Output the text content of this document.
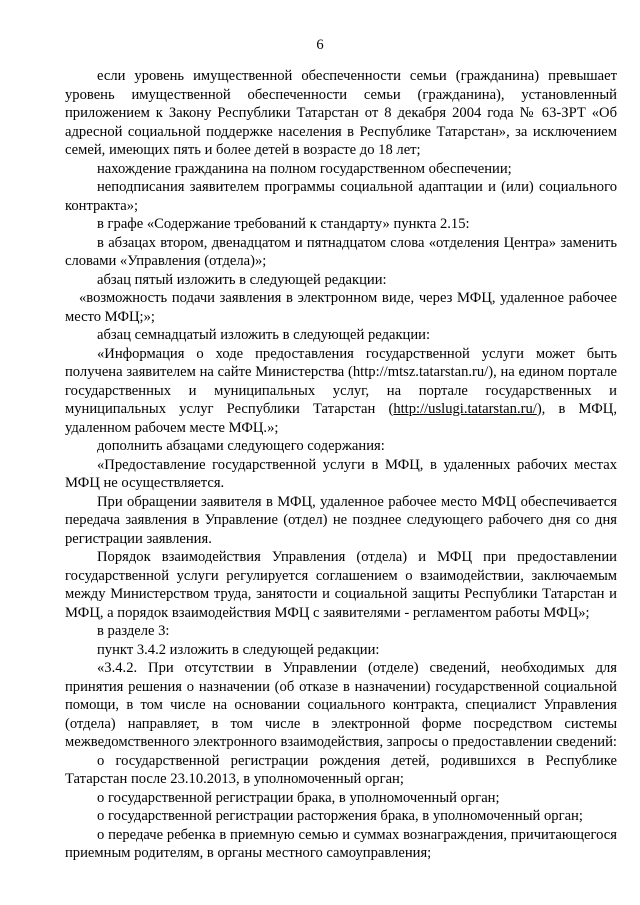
6

если уровень имущественной обеспеченности семьи (гражданина) превышает уровень имущественной обеспеченности семьи (гражданина), установленный приложением к Закону Республики Татарстан от 8 декабря 2004 года № 63-ЗРТ «Об адресной социальной поддержке населения в Республике Татарстан», за исключением семей, имеющих пять и более детей в возрасте до 18 лет;

нахождение гражданина на полном государственном обеспечении;

неподписания заявителем программы социальной адаптации и (или) социального контракта»;

в графе «Содержание требований к стандарту» пункта 2.15:

в абзацах втором, двенадцатом и пятнадцатом слова «отделения Центра» заменить словами «Управления (отдела)»;

абзац пятый изложить в следующей редакции:

«возможность подачи заявления в электронном виде, через МФЦ, удаленное рабочее место МФЦ;»;

абзац семнадцатый изложить в следующей редакции:

«Информация о ходе предоставления государственной услуги может быть получена заявителем на сайте Министерства (http://mtsz.tatarstan.ru/), на едином портале государственных и муниципальных услуг, на портале государственных и муниципальных услуг Республики Татарстан (http://uslugi.tatarstan.ru/), в МФЦ, удаленном рабочем месте МФЦ.»;

дополнить абзацами следующего содержания:

«Предоставление государственной услуги в МФЦ, в удаленных рабочих местах МФЦ не осуществляется.

При обращении заявителя в МФЦ, удаленное рабочее место МФЦ обеспечивается передача заявления в Управление (отдел) не позднее следующего рабочего дня со дня регистрации заявления.

Порядок взаимодействия Управления (отдела) и МФЦ при предоставлении государственной услуги регулируется соглашением о взаимодействии, заключаемым между Министерством труда, занятости и социальной защиты Республики Татарстан и МФЦ, а порядок взаимодействия МФЦ с заявителями - регламентом работы МФЦ»;

в разделе 3:

пункт 3.4.2 изложить в следующей редакции:

«3.4.2. При отсутствии в Управлении (отделе) сведений, необходимых для принятия решения о назначении (об отказе в назначении) государственной социальной помощи, в том числе на основании социального контракта, специалист Управления (отдела) направляет, в том числе в электронной форме посредством системы межведомственного электронного взаимодействия, запросы о предоставлении сведений:

о государственной регистрации рождения детей, родившихся в Республике Татарстан после 23.10.2013, в уполномоченный орган;

о государственной регистрации брака, в уполномоченный орган;

о государственной регистрации расторжения брака, в уполномоченный орган;

о передаче ребенка в приемную семью и суммах вознаграждения, причитающегося приемным родителям, в органы местного самоуправления;
